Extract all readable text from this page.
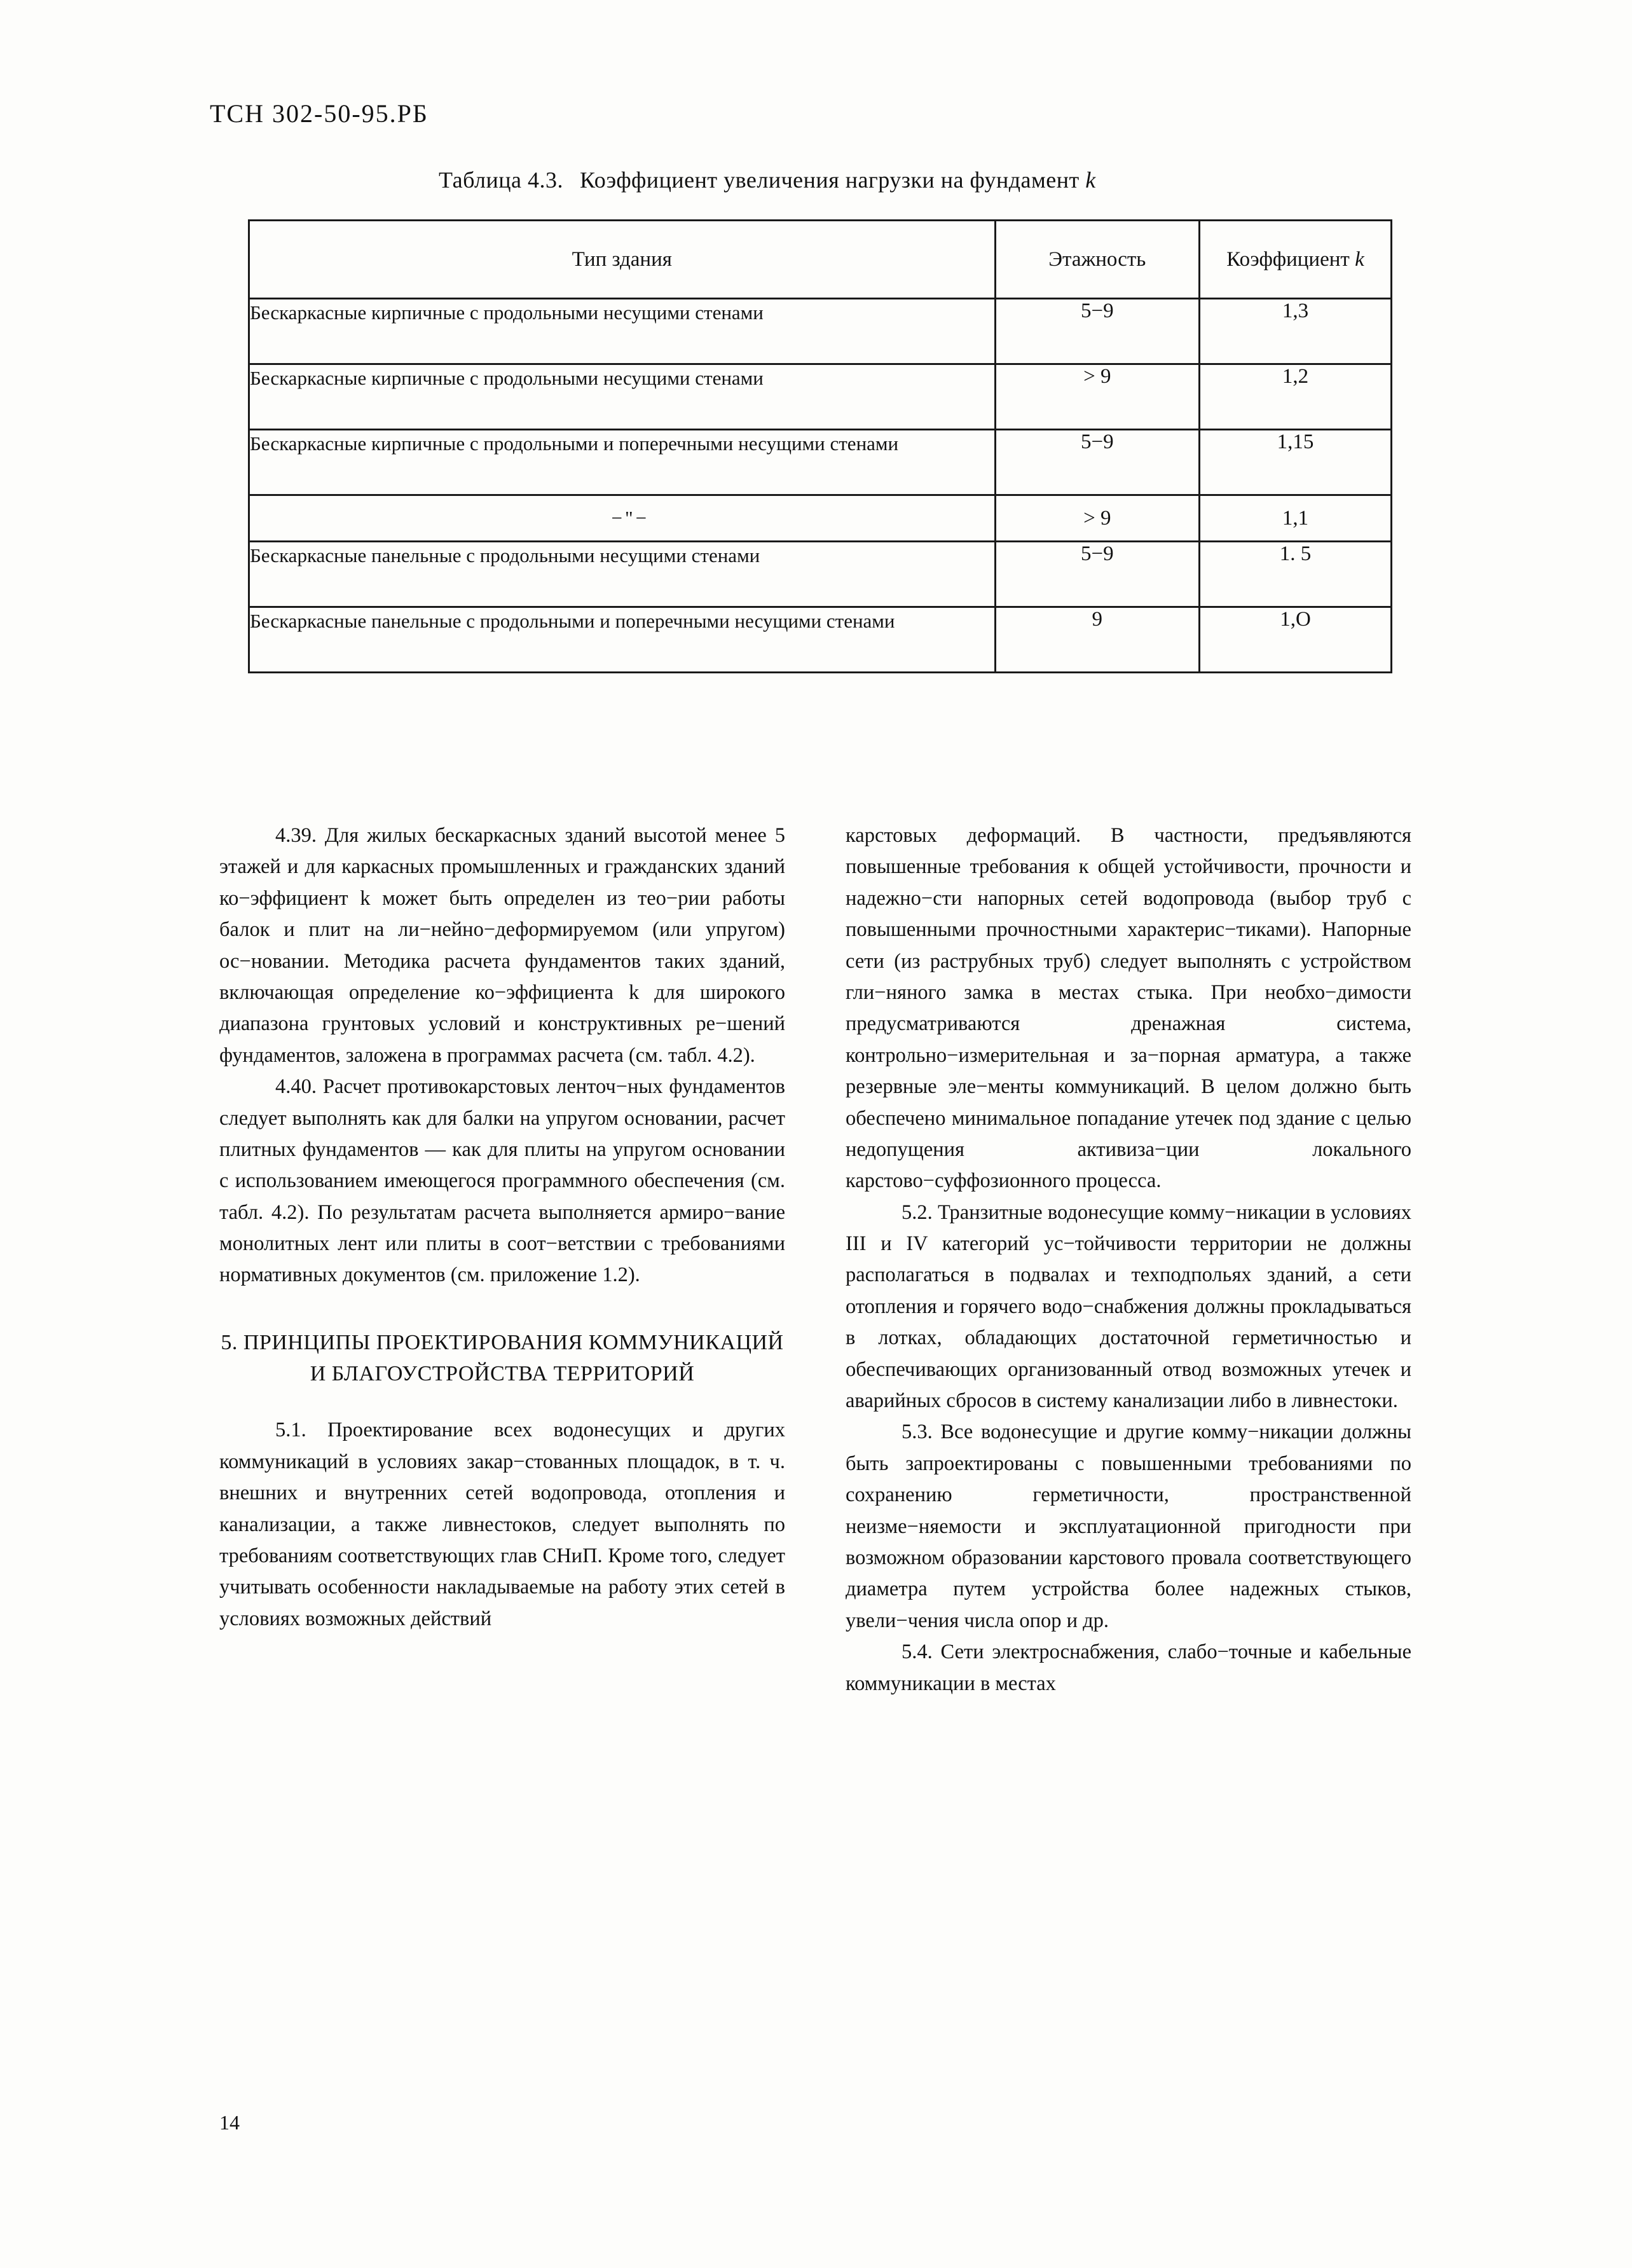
ТСН 302-50-95.РБ
Таблица 4.3. Коэффициент увеличения нагрузки на фундамент k
Тип здания	Этажность	Коэффициент k
Бескаркасные кирпичные с продольными несущими стенами	5−9	1,3
Бескаркасные кирпичные с продольными несущими стенами	> 9	1,2
Бескаркасные кирпичные с продольными и поперечными несущими стенами	5−9	1,15
−"−	> 9	1,1
Бескаркасные панельные с продольными несущими стенами	5−9	1. 5
Бескаркасные панельные с продольными и поперечными несущими стенами	9	1,О

4.39. Для жилых бескаркасных зданий высотой менее 5 этажей и для каркасных промышленных и гражданских зданий ко−эффициент k может быть определен из тео−рии работы балок и плит на ли−нейно−деформируемом (или упругом) ос−новании. Методика расчета фундаментов таких зданий, включающая определение ко−эффициента k для широкого диапазона грунтовых условий и конструктивных ре−шений фундаментов, заложена в программах расчета (см. табл. 4.2).

4.40. Расчет противокарстовых ленточ−ных фундаментов следует выполнять как для балки на упругом основании, расчет плитных фундаментов — как для плиты на упругом основании с использованием имеющегося программного обеспечения (см. табл. 4.2). По результатам расчета выполняется армиро−вание монолитных лент или плиты в соот−ветствии с требованиями нормативных документов (см. приложение 1.2).

5. ПРИНЦИПЫ ПРОЕКТИРОВАНИЯ КОММУНИКАЦИЙ И БЛАГОУСТРОЙСТВА ТЕРРИТОРИЙ

5.1. Проектирование всех водонесущих и других коммуникаций в условиях закар−стованных площадок, в т. ч. внешних и внутренних сетей водопровода, отопления и канализации, а также ливнестоков, следует выполнять по требованиям соответствующих глав СНиП. Кроме того, следует учитывать особенности накладываемые на работу этих сетей в условиях возможных действий

карстовых деформаций. В частности, предъявляются повышенные требования к общей устойчивости, прочности и надежно−сти напорных сетей водопровода (выбор труб с повышенными прочностными характерис−тиками). Напорные сети (из раструбных труб) следует выполнять с устройством гли−няного замка в местах стыка. При необхо−димости предусматриваются дренажная система, контрольно−измерительная и за−порная арматура, а также резервные эле−менты коммуникаций. В целом должно быть обеспечено минимальное попадание утечек под здание с целью недопущения активиза−ции локального карстово−суффозионного процесса.

5.2. Транзитные водонесущие комму−никации в условиях III и IV категорий ус−тойчивости территории не должны располагаться в подвалах и техподпольях зданий, а сети отопления и горячего водо−снабжения должны прокладываться в лотках, обладающих достаточной герметичностью и обеспечивающих организованный отвод возможных утечек и аварийных сбросов в систему канализации либо в ливнестоки.

5.3. Все водонесущие и другие комму−никации должны быть запроектированы с повышенными требованиями по сохранению герметичности, пространственной неизме−няемости и эксплуатационной пригодности при возможном образовании карстового провала соответствующего диаметра путем устройства более надежных стыков, увели−чения числа опор и др.

5.4. Сети электроснабжения, слабо−точные и кабельные коммуникации в местах

14
